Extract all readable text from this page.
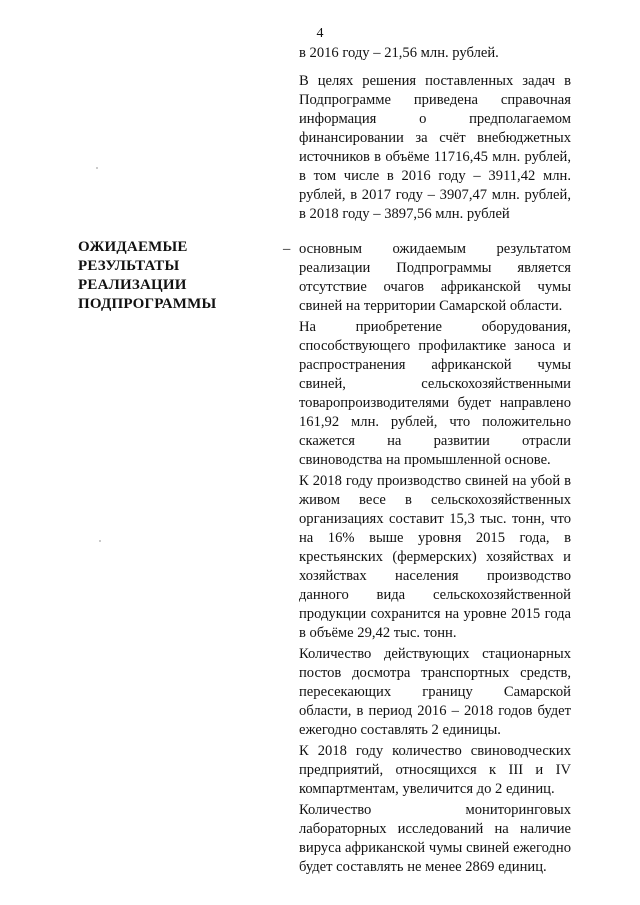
4

в 2016 году – 21,56 млн. рублей.

В целях решения поставленных задач в Подпрограмме приведена справочная информация о предполагаемом финансировании за счёт внебюджетных источников в объёме 11716,45 млн. рублей, в том числе в 2016 году – 3911,42 млн. рублей, в 2017 году – 3907,47 млн. рублей, в 2018 году – 3897,56 млн. рублей

ОЖИДАЕМЫЕ РЕЗУЛЬТАТЫ РЕАЛИЗАЦИИ ПОДПРОГРАММЫ
– основным ожидаемым результатом реализации Подпрограммы является отсутствие очагов африканской чумы свиней на территории Самарской области.

На приобретение оборудования, способствующего профилактике заноса и распространения африканской чумы свиней, сельскохозяйственными товаропроизводителями будет направлено 161,92 млн. рублей, что положительно скажется на развитии отрасли свиноводства на промышленной основе.

К 2018 году производство свиней на убой в живом весе в сельскохозяйственных организациях составит 15,3 тыс. тонн, что на 16% выше уровня 2015 года, в крестьянских (фермерских) хозяйствах и хозяйствах населения производство данного вида сельскохозяйственной продукции сохранится на уровне 2015 года в объёме 29,42 тыс. тонн.

Количество действующих стационарных постов досмотра транспортных средств, пересекающих границу Самарской области, в период 2016 – 2018 годов будет ежегодно составлять 2 единицы.

К 2018 году количество свиноводческих предприятий, относящихся к III и IV компартментам, увеличится до 2 единиц.

Количество мониторинговых лабораторных исследований на наличие вируса африканской чумы свиней ежегодно будет составлять не менее 2869 единиц.
